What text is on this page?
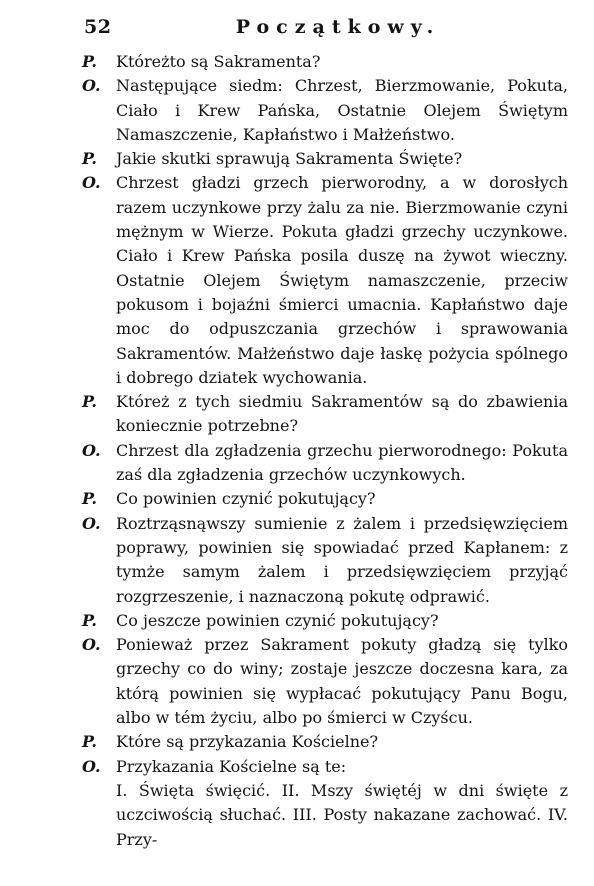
52	Początkowy.
P. Któreżto są Sakramenta?
O. Następujące siedm: Chrzest, Bierzmowanie, Pokuta, Ciało i Krew Pańska, Ostatnie Olejem Świętym Namaszczenie, Kapłaństwo i Małżeństwo.
P. Jakie skutki sprawują Sakramenta Święte?
O. Chrzest gładzi grzech pierworodny, a w dorosłych razem uczynkowe przy żalu za nie. Bierzmowanie czyni mężnym w Wierze. Pokuta gładzi grzechy uczynkowe. Ciało i Krew Pańska posila duszę na żywot wieczny. Ostatnie Olejem Świętym namaszczenie, przeciw pokusom i bojaźni śmierci umacnia. Kapłaństwo daje moc do odpuszczania grzechów i sprawowania Sakramentów. Małżeństwo daje łaskę pożycia spólnego i dobrego dziatek wychowania.
P. Któreż z tych siedmiu Sakramentów są do zbawienia koniecznie potrzebne?
O. Chrzest dla zgładzenia grzechu pierworodnego: Pokuta zaś dla zgładzenia grzechów uczynkowych.
P. Co powinien czynić pokutujący?
O. Roztrząsnąwszy sumienie z żalem i przedsięwzięciem poprawy, powinien się spowiadać przed Kapłanem: z tymże samym żalem i przedsięwzięciem przyjąć rozgrzeszenie, i naznaczoną pokutę odprawić.
P. Co jeszcze powinien czynić pokutujący?
O. Ponieważ przez Sakrament pokuty gładzą się tylko grzechy co do winy; zostaje jeszcze doczesna kara, za którą powinien się wypłacać pokutujący Panu Bogu, albo w tém życiu, albo po śmierci w Czyścu.
P. Które są przykazania Kościelne?
O. Przykazania Kościelne są te:
I. Święta święcić. II. Mszy świętéj w dni święte z uczciwością słuchać. III. Posty nakazane zachować. IV. Przy-
